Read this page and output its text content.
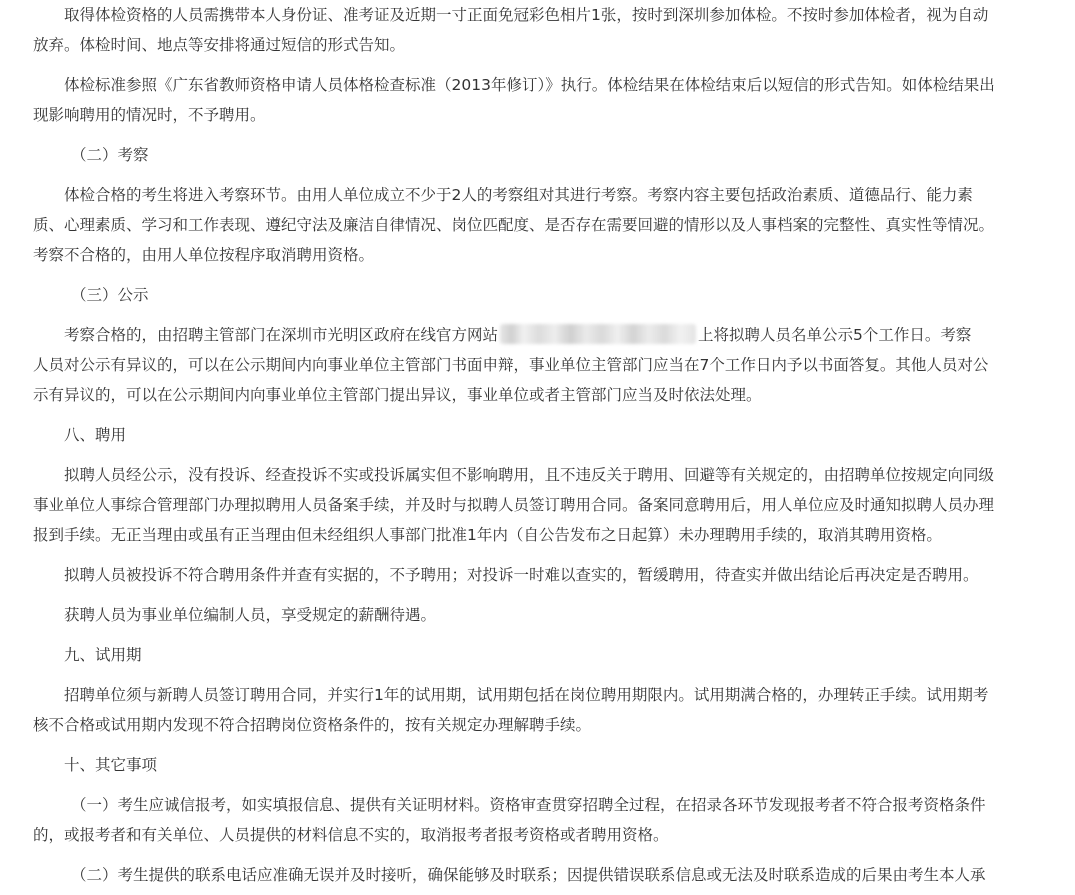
取得体检资格的人员需携带本人身份证、准考证及近期一寸正面免冠彩色相片1张，按时到深圳参加体检。不按时参加体检者，视为自动
放弃。体检时间、地点等安排将通过短信的形式告知。

体检标准参照《广东省教师资格申请人员体格检查标准（2013年修订）》执行。体检结果在体检结束后以短信的形式告知。如体检结果出
现影响聘用的情况时，不予聘用。

（二）考察

体检合格的考生将进入考察环节。由用人单位成立不少于2人的考察组对其进行考察。考察内容主要包括政治素质、道德品行、能力素
质、心理素质、学习和工作表现、遵纪守法及廉洁自律情况、岗位匹配度、是否存在需要回避的情形以及人事档案的完整性、真实性等情况。
考察不合格的，由用人单位按程序取消聘用资格。

（三）公示

考察合格的，由招聘主管部门在深圳市光明区政府在线官方网站	上将拟聘人员名单公示5个工作日。考察
人员对公示有异议的，可以在公示期间内向事业单位主管部门书面申辩，事业单位主管部门应当在7个工作日内予以书面答复。其他人员对公
示有异议的，可以在公示期间内向事业单位主管部门提出异议，事业单位或者主管部门应当及时依法处理。

八、聘用

拟聘人员经公示，没有投诉、经查投诉不实或投诉属实但不影响聘用，且不违反关于聘用、回避等有关规定的，由招聘单位按规定向同级
事业单位人事综合管理部门办理拟聘用人员备案手续，并及时与拟聘人员签订聘用合同。备案同意聘用后，用人单位应及时通知拟聘人员办理
报到手续。无正当理由或虽有正当理由但未经组织人事部门批准1年内（自公告发布之日起算）未办理聘用手续的，取消其聘用资格。

拟聘人员被投诉不符合聘用条件并查有实据的，不予聘用；对投诉一时难以查实的，暂缓聘用，待查实并做出结论后再决定是否聘用。

获聘人员为事业单位编制人员，享受规定的薪酬待遇。

九、试用期

招聘单位须与新聘人员签订聘用合同，并实行1年的试用期，试用期包括在岗位聘用期限内。试用期满合格的，办理转正手续。试用期考
核不合格或试用期内发现不符合招聘岗位资格条件的，按有关规定办理解聘手续。

十、其它事项

（一）考生应诚信报考，如实填报信息、提供有关证明材料。资格审查贯穿招聘全过程，在招录各环节发现报考者不符合报考资格条件
的，或报考者和有关单位、人员提供的材料信息不实的，取消报考者报考资格或者聘用资格。

（二）考生提供的联系电话应准确无误并及时接听，确保能够及时联系；因提供错误联系信息或无法及时联系造成的后果由考生本人承
